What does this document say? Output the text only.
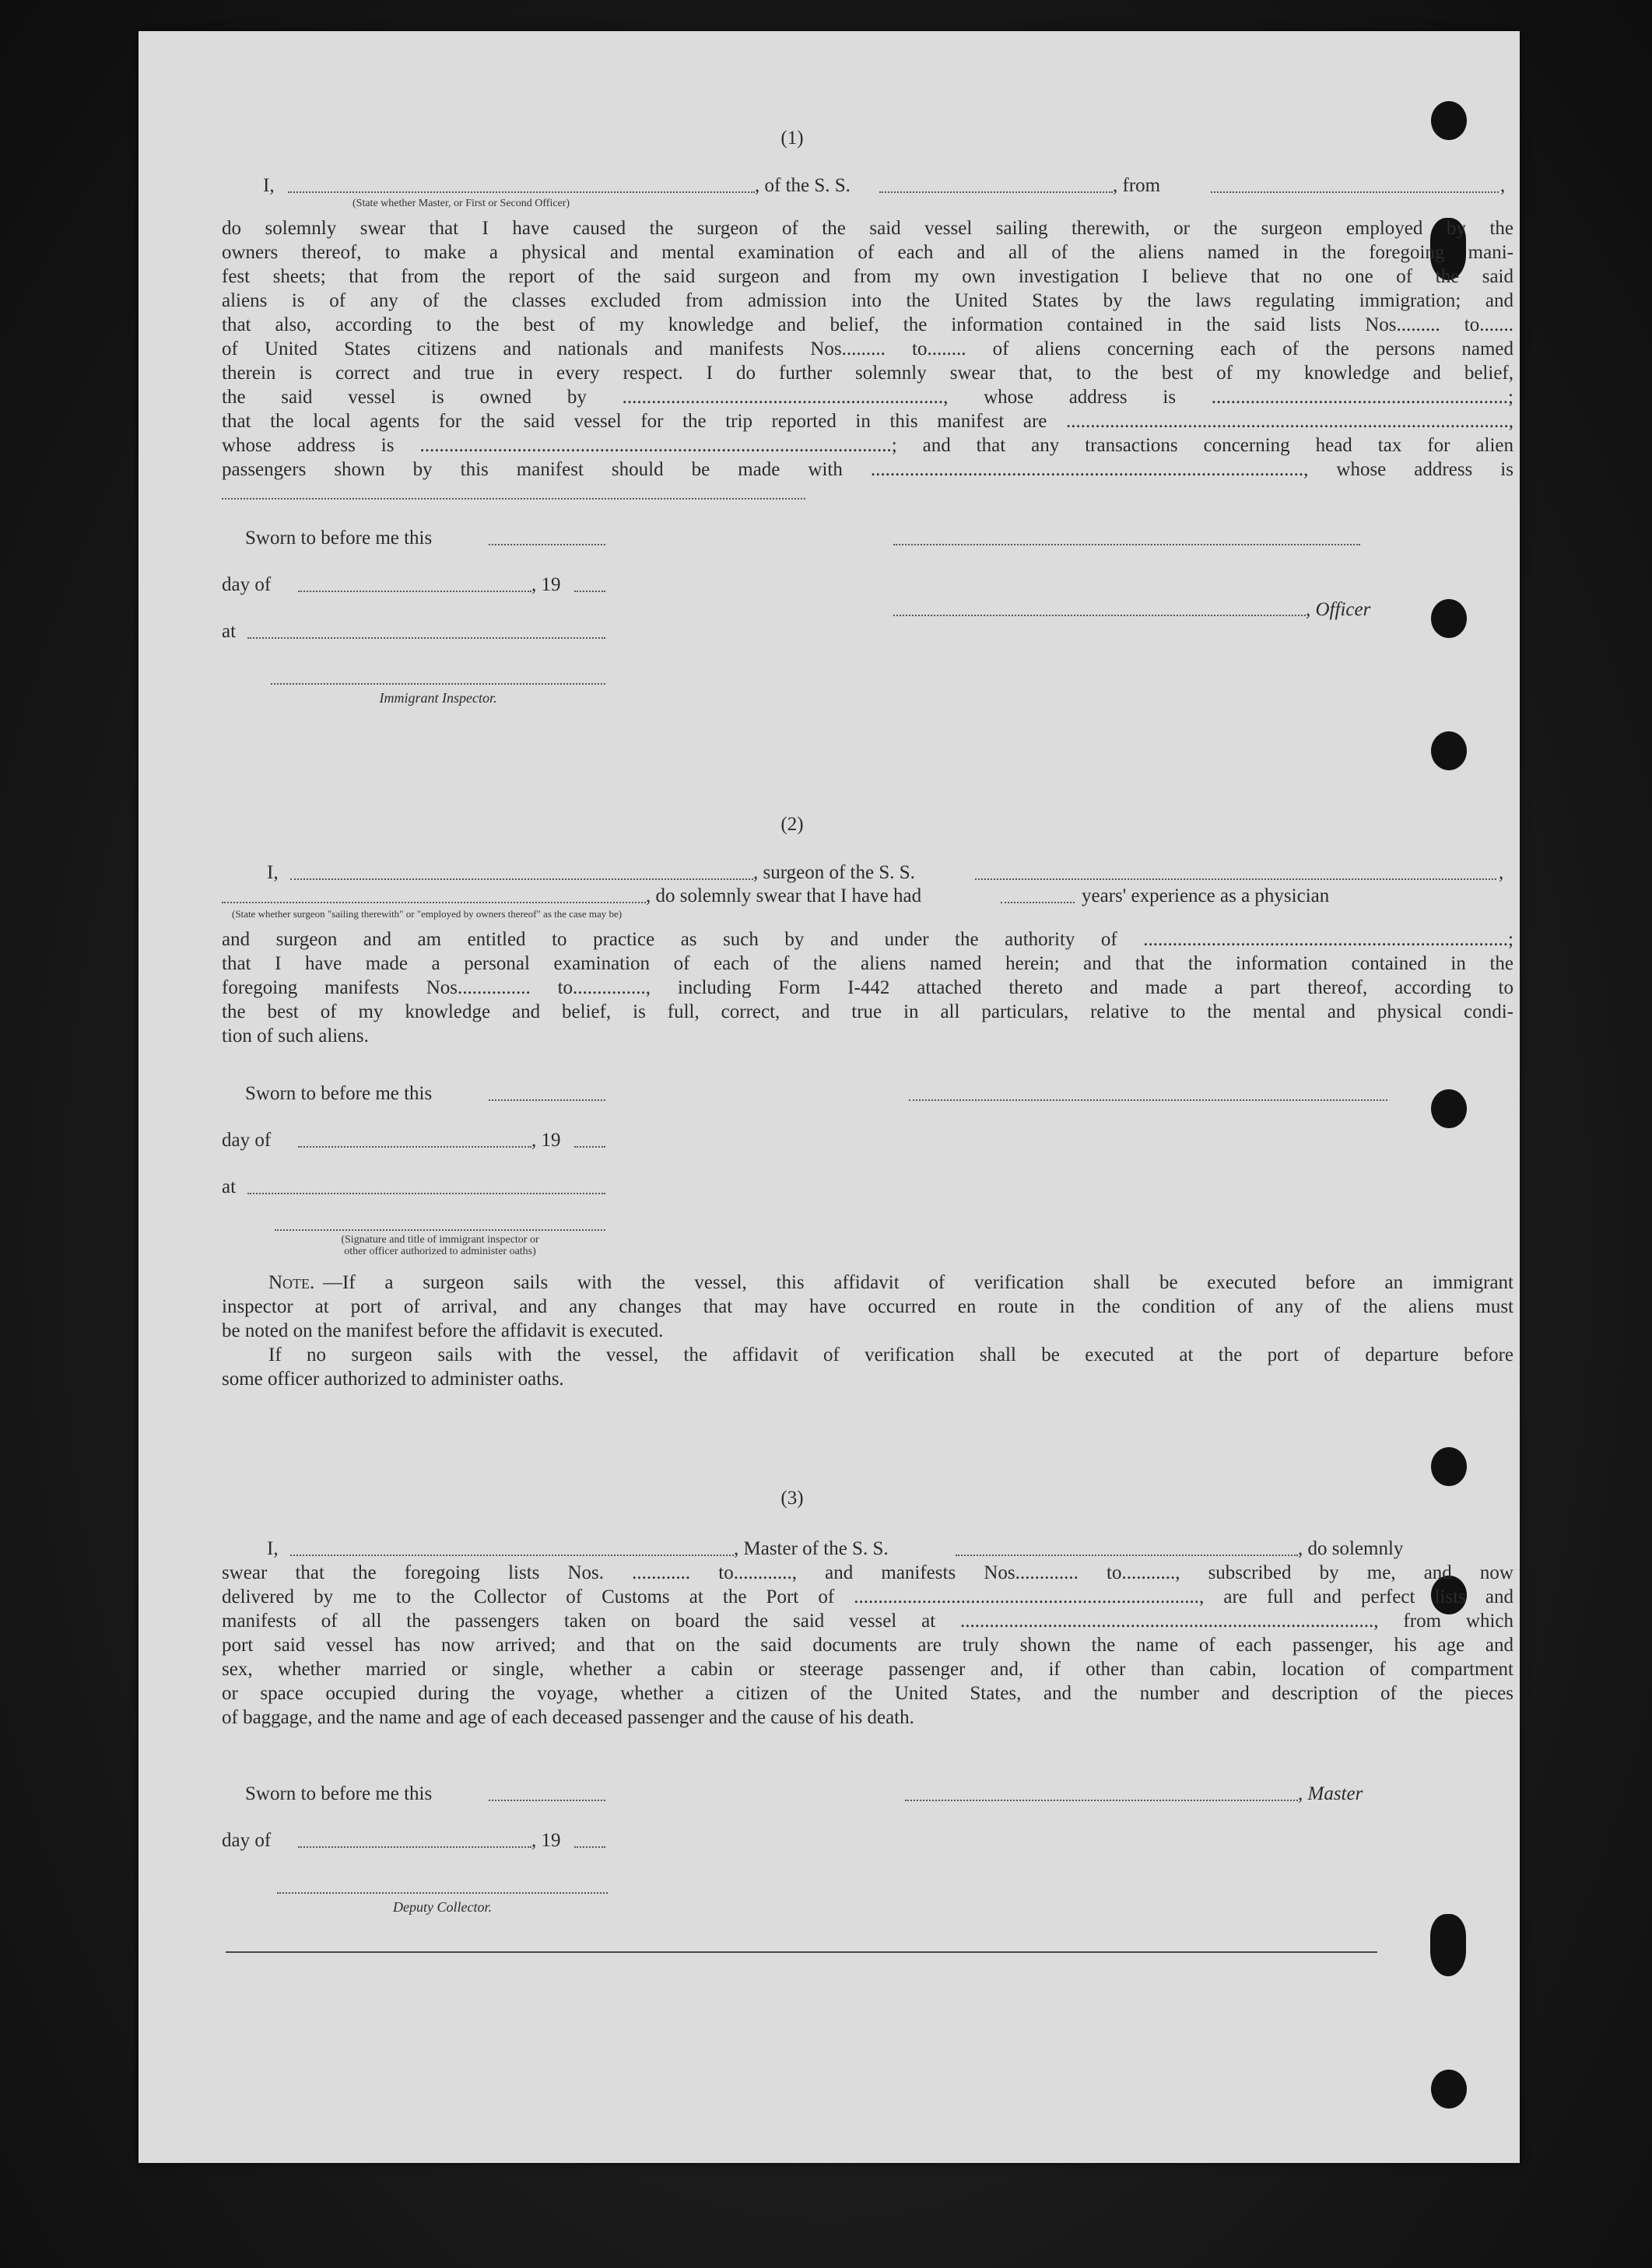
(1)
I,	, of the S. S.	, from	,
(State whether Master, or First or Second Officer)
do solemnly swear that I have caused the surgeon of the said vessel sailing therewith, or the surgeon employed by the
owners thereof, to make a physical and mental examination of each and all of the aliens named in the foregoing mani-
fest sheets; that from the report of the said surgeon and from my own investigation I believe that no one of the said
aliens is of any of the classes excluded from admission into the United States by the laws regulating immigration; and
that also, according to the best of my knowledge and belief, the information contained in the said lists Nos......... to.......
of United States citizens and nationals and manifests Nos......... to........ of aliens concerning each of the persons named
therein is correct and true in every respect. I do further solemnly swear that, to the best of my knowledge and belief,
the said vessel is owned by .................................................................., whose address is .............................................................;
that the local agents for the said vessel for the trip reported in this manifest are ...........................................................................................,
whose address is .................................................................................................; and that any transactions concerning head tax for alien
passengers shown by this manifest should be made with ........................................................................................., whose address is
Sworn to before me this
day of	, 19
, Officer
at
Immigrant Inspector.
(2)
I,	, surgeon of the S. S.	,
, do solemnly swear that I have had	years' experience as a physician
(State whether surgeon "sailing therewith" or "employed by owners thereof" as the case may be)
and surgeon and am entitled to practice as such by and under the authority of ...........................................................................;
that I have made a personal examination of each of the aliens named herein; and that the information contained in the
foregoing manifests Nos............... to..............., including Form I-442 attached thereto and made a part thereof, according to
the best of my knowledge and belief, is full, correct, and true in all particulars, relative to the mental and physical condi-
tion of such aliens.
Sworn to before me this
day of	, 19
at
(Signature and title of immigrant inspector or
other officer authorized to administer oaths)
Note. —If a surgeon sails with the vessel, this affidavit of verification shall be executed before an immigrant
inspector at port of arrival, and any changes that may have occurred en route in the condition of any of the aliens must
be noted on the manifest before the affidavit is executed.
If no surgeon sails with the vessel, the affidavit of verification shall be executed at the port of departure before
some officer authorized to administer oaths.
(3)
I,	, Master of the S. S.	, do solemnly
swear that the foregoing lists Nos. ............ to............, and manifests Nos............. to..........., subscribed by me, and now
delivered by me to the Collector of Customs at the Port of ......................................................................., are full and perfect lists and
manifests of all the passengers taken on board the said vessel at ....................................................................................., from which
port said vessel has now arrived; and that on the said documents are truly shown the name of each passenger, his age and
sex, whether married or single, whether a cabin or steerage passenger and, if other than cabin, location of compartment
or space occupied during the voyage, whether a citizen of the United States, and the number and description of the pieces
of baggage, and the name and age of each deceased passenger and the cause of his death.
Sworn to before me this	, Master
day of	, 19
Deputy Collector.
